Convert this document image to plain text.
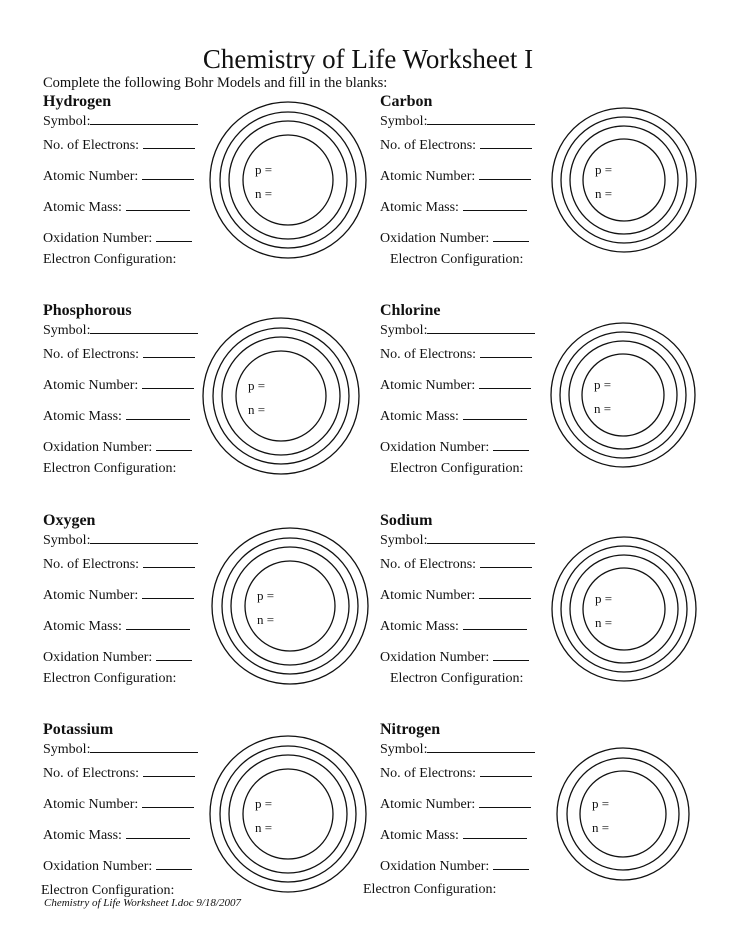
Chemistry of Life Worksheet I
Complete the following Bohr Models and fill in the blanks:
Hydrogen
Symbol:
No. of Electrons:
Atomic Number:
Atomic Mass:
Oxidation Number:
Electron Configuration:
p =
n =
Carbon
Symbol:
No. of Electrons:
Atomic Number:
Atomic Mass:
Oxidation Number:
Electron Configuration:
p =
n =
Phosphorous
Symbol:
No. of Electrons:
Atomic Number:
Atomic Mass:
Oxidation Number:
Electron Configuration:
p =
n =
Chlorine
Symbol:
No. of Electrons:
Atomic Number:
Atomic Mass:
Oxidation Number:
Electron Configuration:
p =
n =
Oxygen
Symbol:
No. of Electrons:
Atomic Number:
Atomic Mass:
Oxidation Number:
Electron Configuration:
p =
n =
Sodium
Symbol:
No. of Electrons:
Atomic Number:
Atomic Mass:
Oxidation Number:
Electron Configuration:
p =
n =
Potassium
Symbol:
No. of Electrons:
Atomic Number:
Atomic Mass:
Oxidation Number:
Electron Configuration:
p =
n =
Nitrogen
Symbol:
No. of Electrons:
Atomic Number:
Atomic Mass:
Oxidation Number:
Electron Configuration:
p =
n =
Chemistry of Life Worksheet I.doc 9/18/2007
